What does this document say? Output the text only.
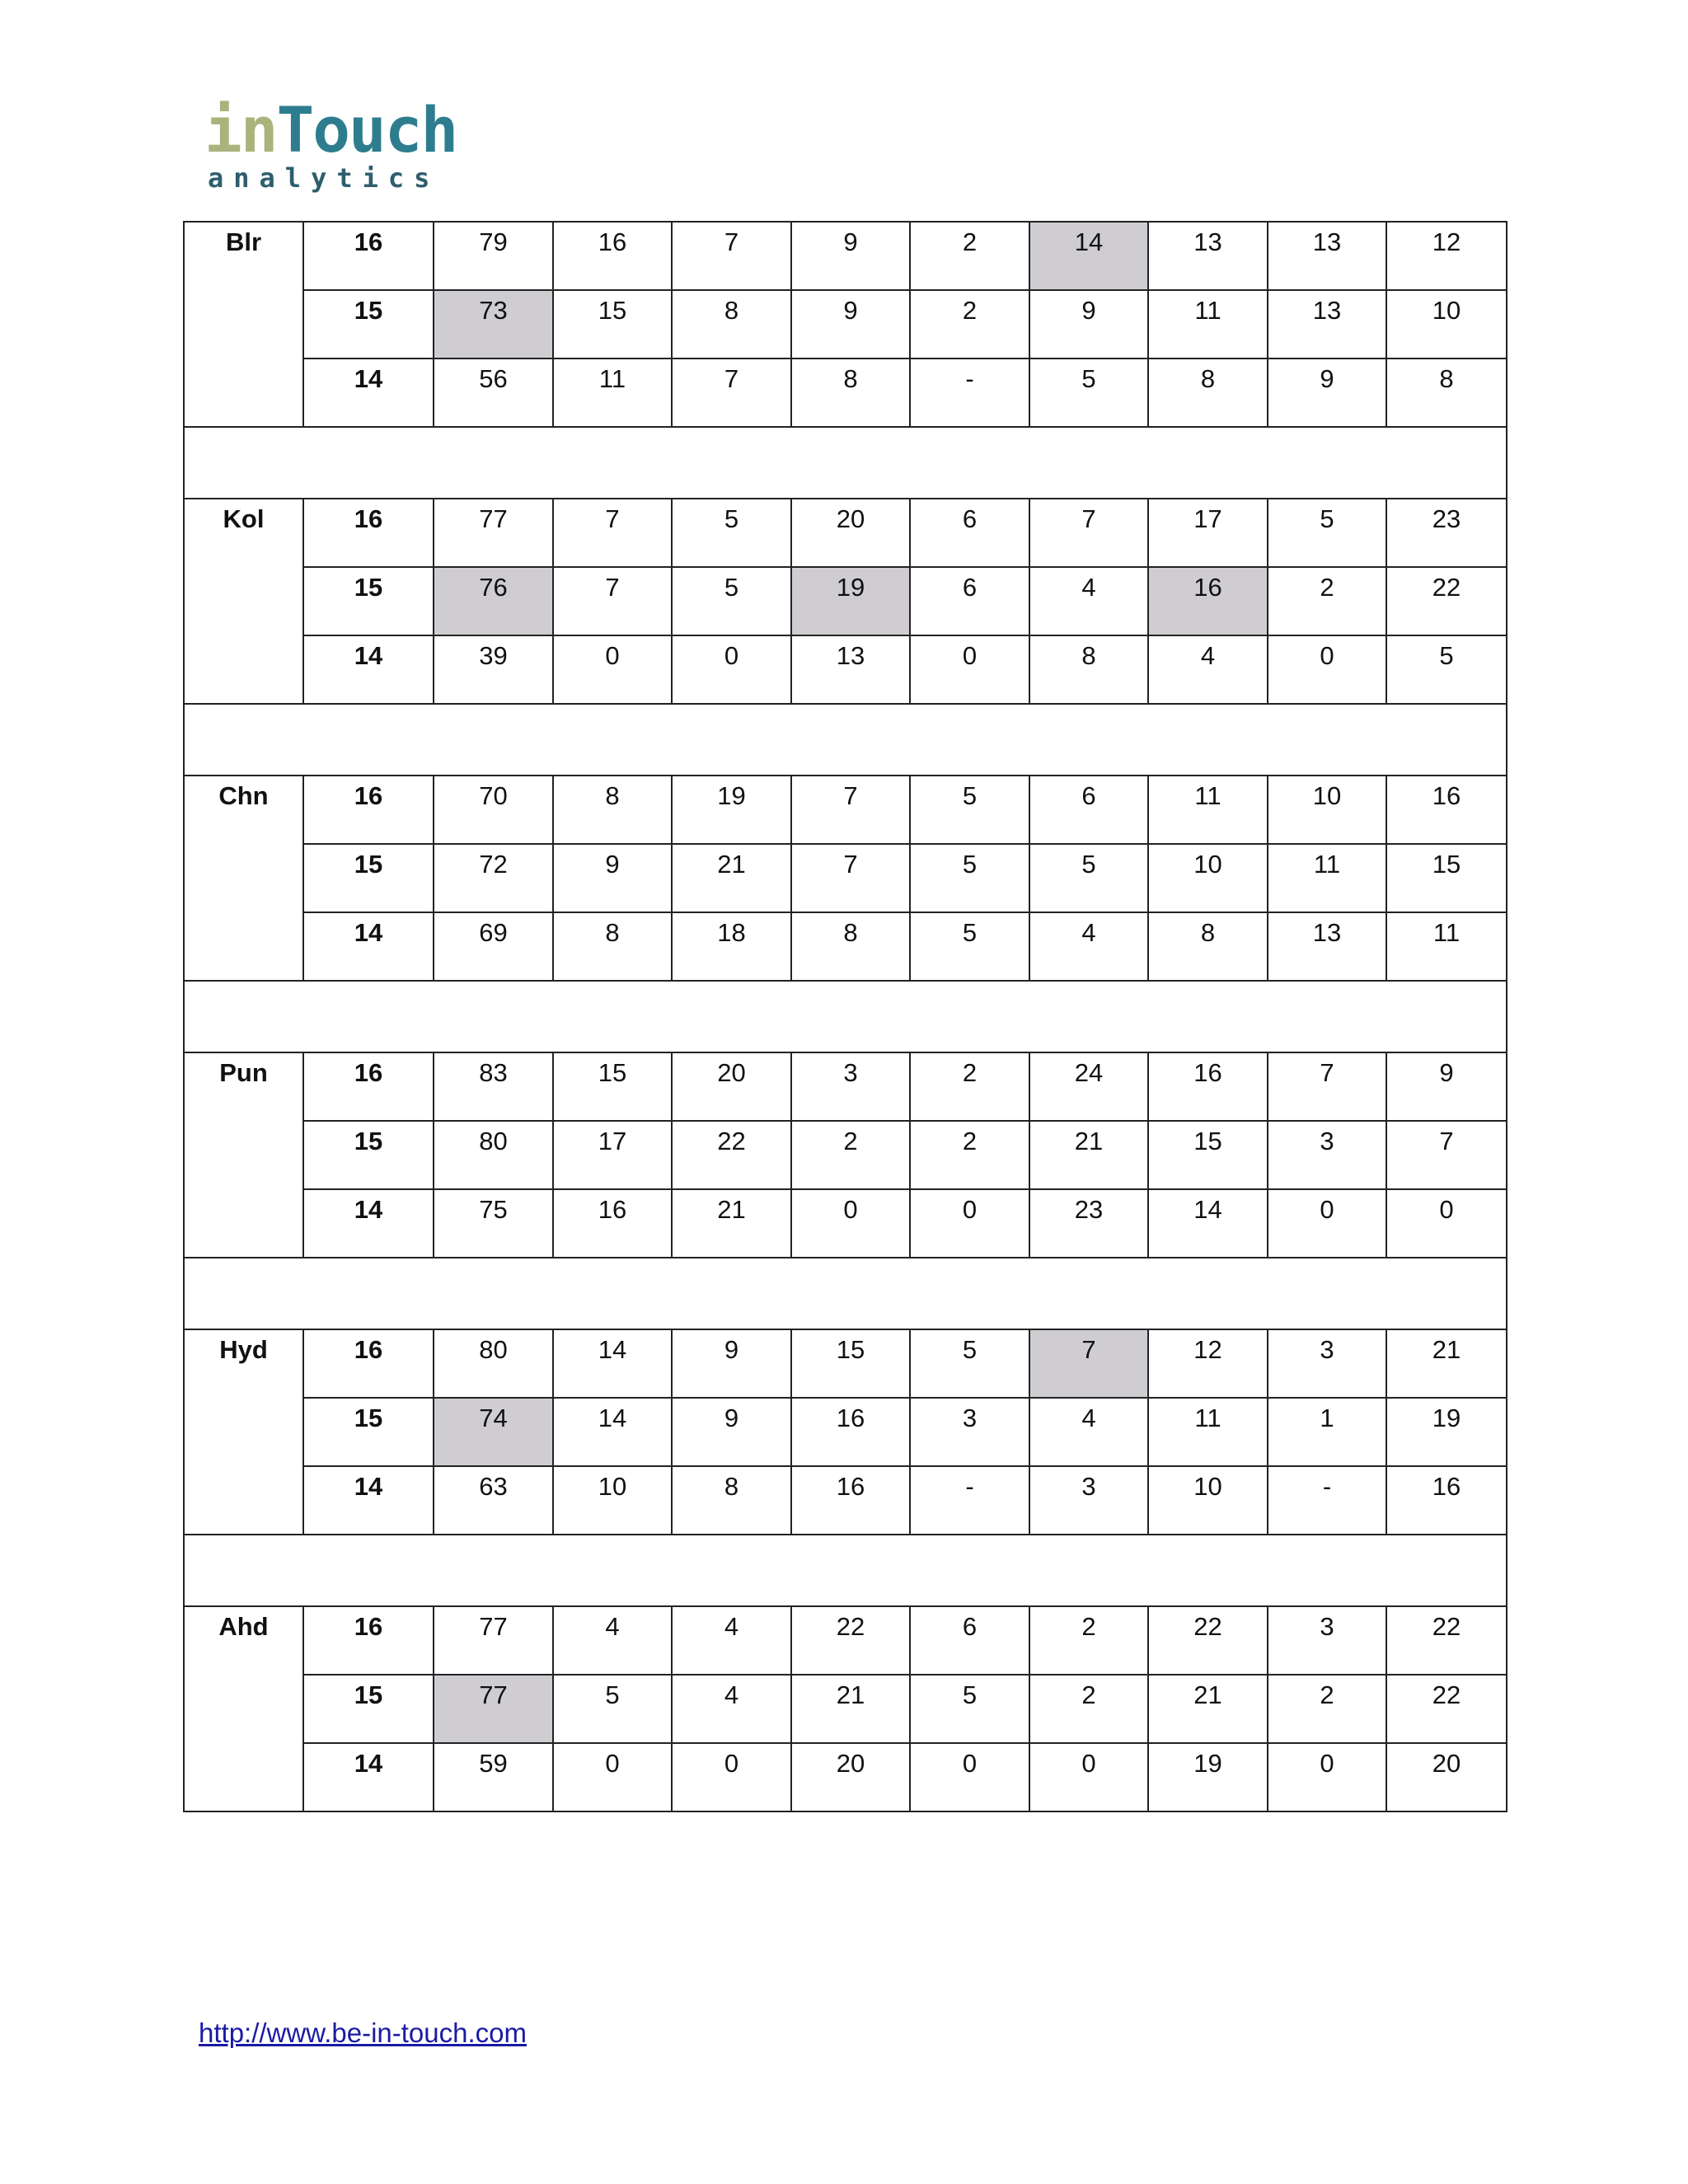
inTouch
analytics
Blr	16	79	16	7	9	2	14	13	13	12
	15	73	15	8	9	2	9	11	13	10
	14	56	11	7	8	-	5	8	9	8

Kol	16	77	7	5	20	6	7	17	5	23
	15	76	7	5	19	6	4	16	2	22
	14	39	0	0	13	0	8	4	0	5

Chn	16	70	8	19	7	5	6	11	10	16
	15	72	9	21	7	5	5	10	11	15
	14	69	8	18	8	5	4	8	13	11

Pun	16	83	15	20	3	2	24	16	7	9
	15	80	17	22	2	2	21	15	3	7
	14	75	16	21	0	0	23	14	0	0

Hyd	16	80	14	9	15	5	7	12	3	21
	15	74	14	9	16	3	4	11	1	19
	14	63	10	8	16	-	3	10	-	16

Ahd	16	77	4	4	22	6	2	22	3	22
	15	77	5	4	21	5	2	21	2	22
	14	59	0	0	20	0	0	19	0	20
http://www.be-in-touch.com
